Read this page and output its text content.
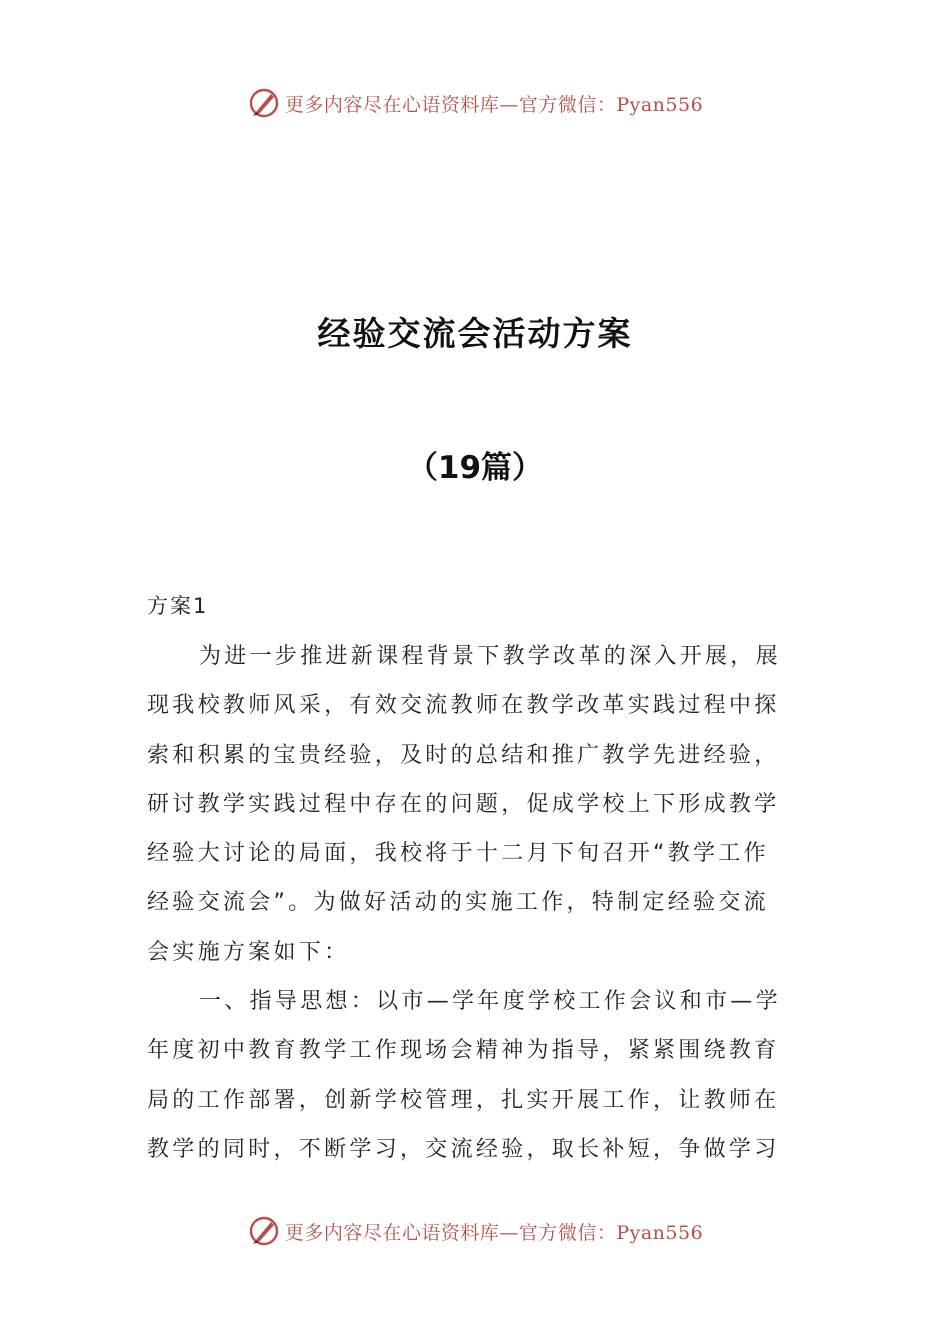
更多内容尽在心语资料库—官方微信：Pyan556
经验交流会活动方案
（19篇）
方案1
为进一步推进新课程背景下教学改革的深入开展，展
现我校教师风采，有效交流教师在教学改革实践过程中探
索和积累的宝贵经验，及时的总结和推广教学先进经验，
研讨教学实践过程中存在的问题，促成学校上下形成教学
经验大讨论的局面，我校将于十二月下旬召开“教学工作
经验交流会”。为做好活动的实施工作，特制定经验交流
会实施方案如下：
一、指导思想：以市—学年度学校工作会议和市—学
年度初中教育教学工作现场会精神为指导，紧紧围绕教育
局的工作部署，创新学校管理，扎实开展工作，让教师在
教学的同时，不断学习，交流经验，取长补短，争做学习
更多内容尽在心语资料库—官方微信：Pyan556
